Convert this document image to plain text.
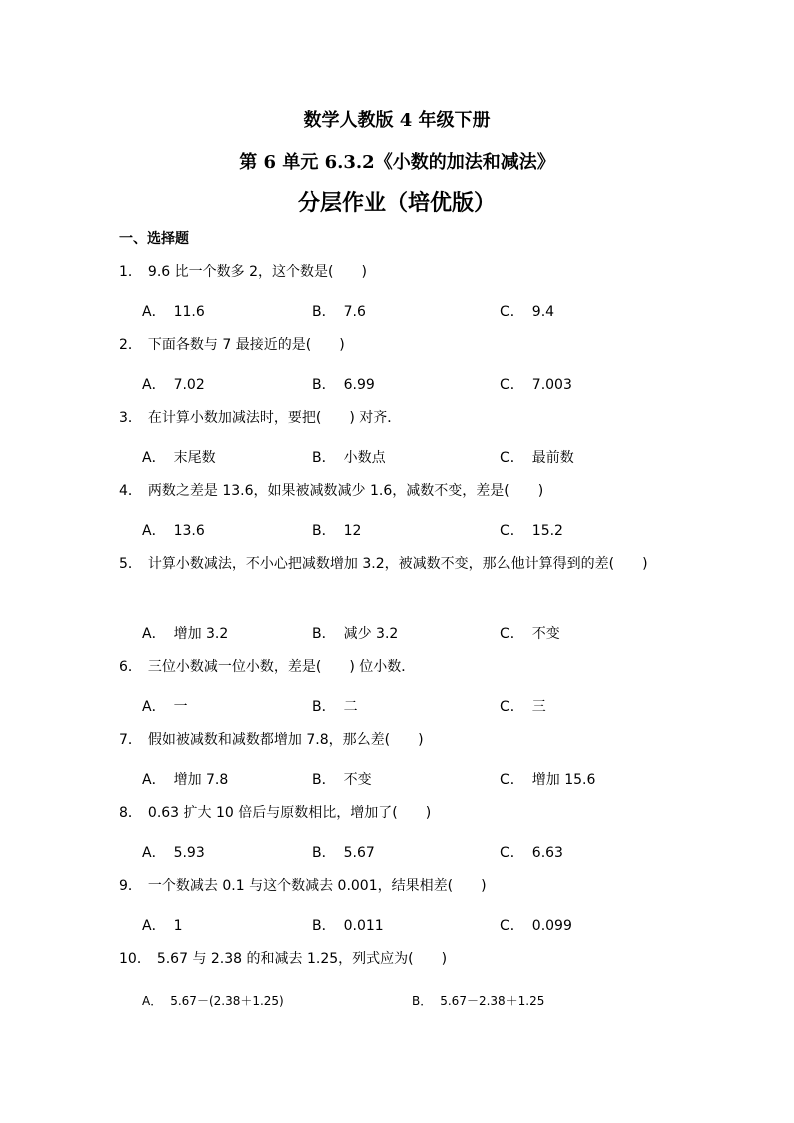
数学人教版 4 年级下册
第 6 单元 6.3.2《小数的加法和减法》
分层作业（培优版）
一、选择题
1． 9.6 比一个数多 2，这个数是(　　)
A． 11.6	B． 7.6	C． 9.4
2． 下面各数与 7 最接近的是(　　)
A． 7.02	B． 6.99	C． 7.003
3． 在计算小数加减法时，要把(　　) 对齐．
A． 末尾数	B． 小数点	C． 最前数
4． 两数之差是 13.6，如果被减数减少 1.6，减数不变，差是(　　)
A． 13.6	B． 12	C． 15.2
5． 计算小数减法，不小心把减数增加 3.2，被减数不变，那么他计算得到的差(　　)
A． 增加 3.2	B． 减少 3.2	C． 不变
6． 三位小数减一位小数，差是(　　) 位小数．
A． 一	B． 二	C． 三
7． 假如被减数和减数都增加 7.8，那么差(　　)
A． 增加 7.8	B． 不变	C． 增加 15.6
8． 0.63 扩大 10 倍后与原数相比，增加了(　　)
A． 5.93	B． 5.67	C． 6.63
9． 一个数减去 0.1 与这个数减去 0.001，结果相差(　　)
A． 1	B． 0.011	C． 0.099
10． 5.67 与 2.38 的和减去 1.25，列式应为(　　)
A． 5.67－(2.38＋1.25)	B． 5.67－2.38＋1.25
